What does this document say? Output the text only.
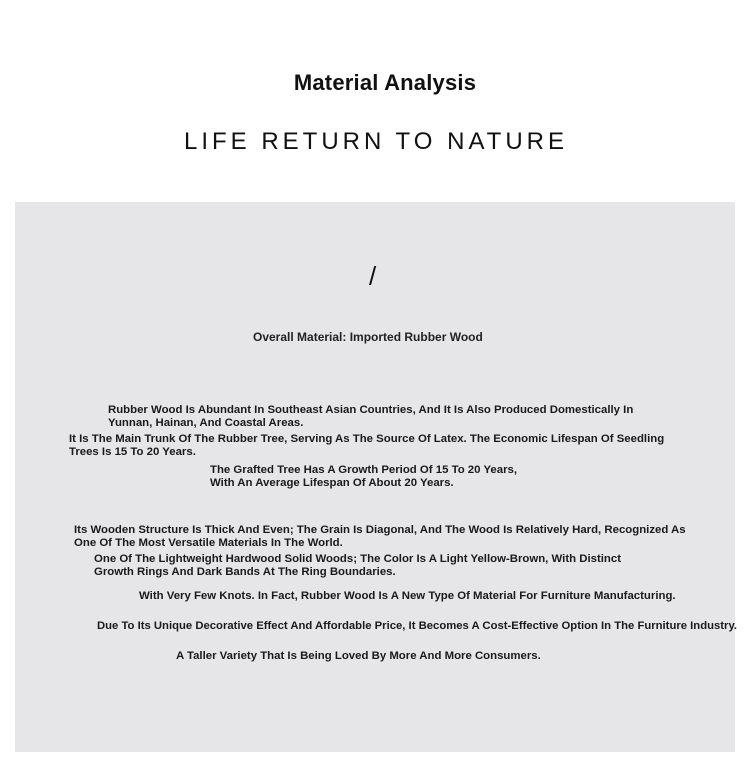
Material Analysis
LIFE RETURN TO NATURE
/
Overall Material: Imported Rubber Wood
Rubber Wood Is Abundant In Southeast Asian Countries, And It Is Also Produced Domestically In
Yunnan, Hainan, And Coastal Areas.
It Is The Main Trunk Of The Rubber Tree, Serving As The Source Of Latex. The Economic Lifespan Of Seedling
Trees Is 15 To 20 Years.
The Grafted Tree Has A Growth Period Of 15 To 20 Years,
With An Average Lifespan Of About 20 Years.
Its Wooden Structure Is Thick And Even; The Grain Is Diagonal, And The Wood Is Relatively Hard, Recognized As
One Of The Most Versatile Materials In The World.
One Of The Lightweight Hardwood Solid Woods; The Color Is A Light Yellow-Brown, With Distinct
Growth Rings And Dark Bands At The Ring Boundaries.
With Very Few Knots. In Fact, Rubber Wood Is A New Type Of Material For Furniture Manufacturing.
Due To Its Unique Decorative Effect And Affordable Price, It Becomes A Cost-Effective Option In The Furniture Industry.
A Taller Variety That Is Being Loved By More And More Consumers.
